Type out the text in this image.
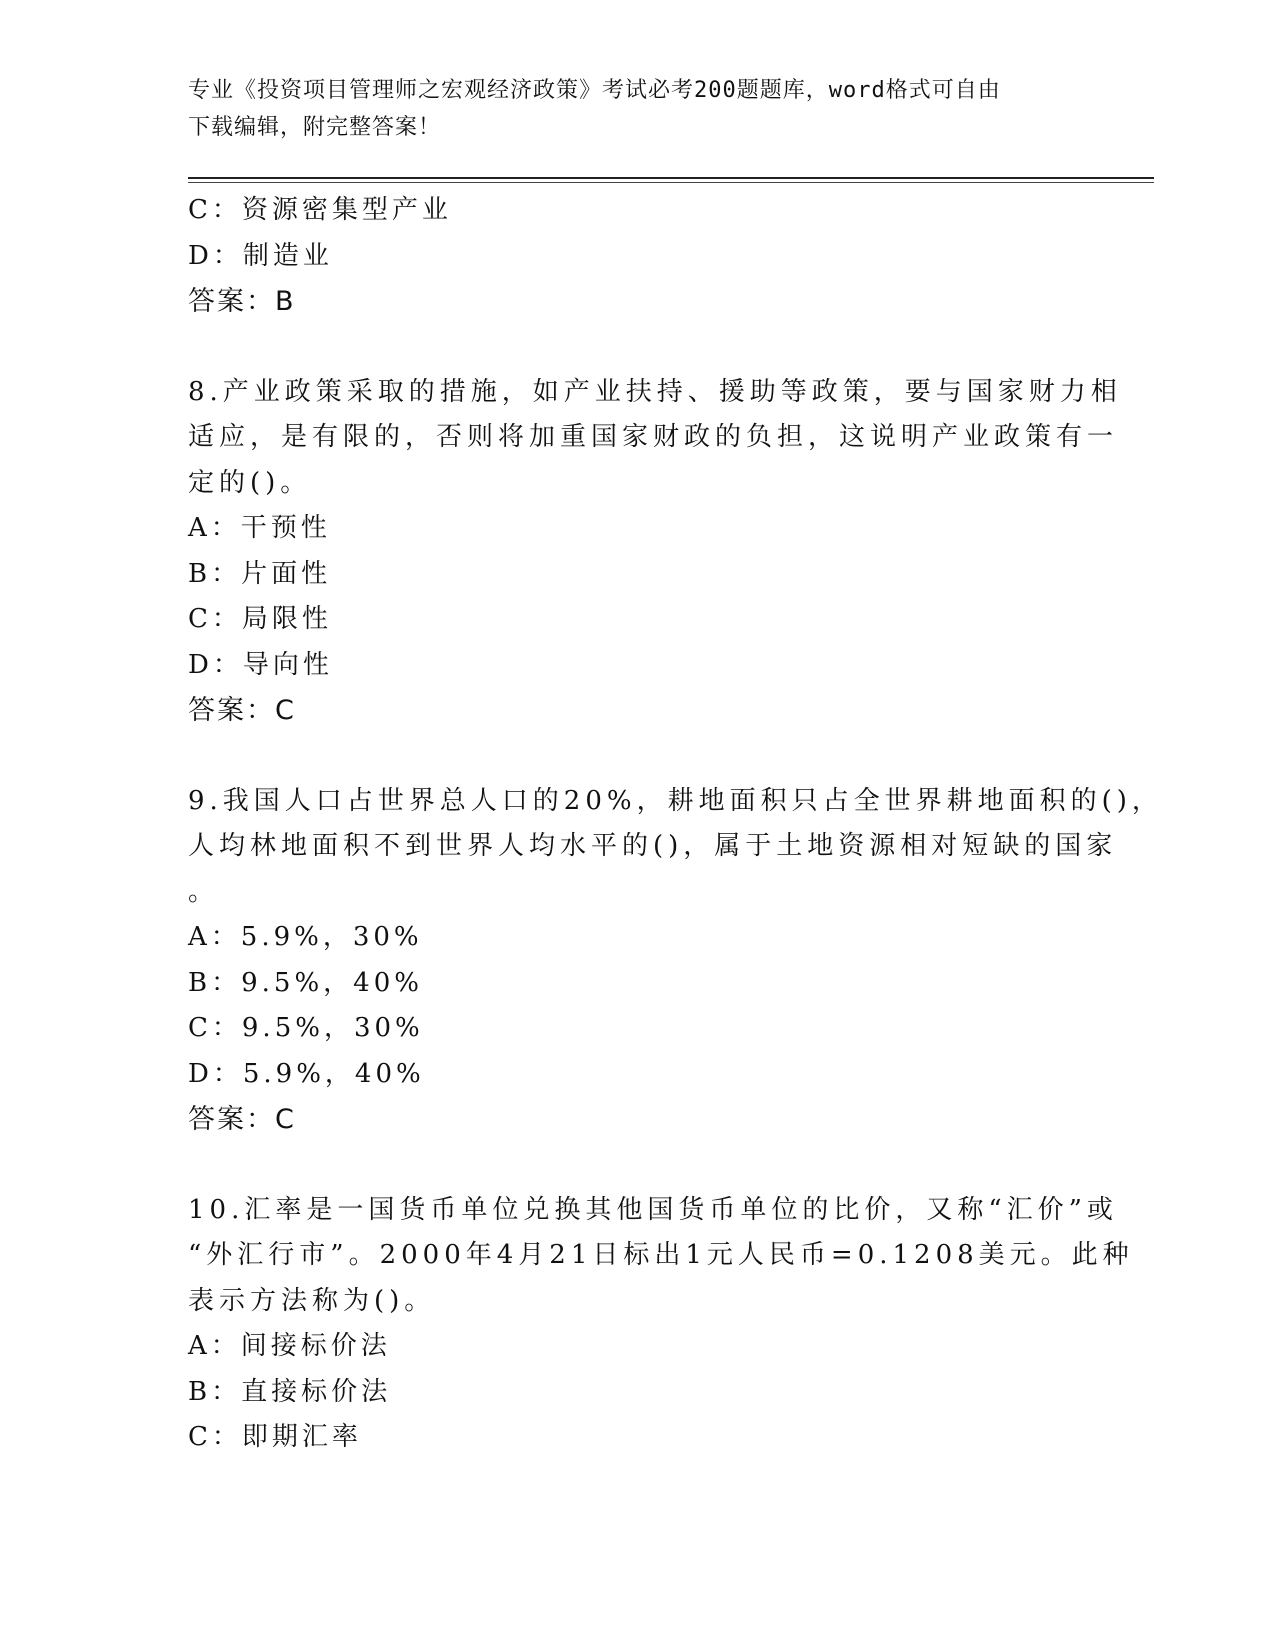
专业《投资项目管理师之宏观经济政策》考试必考200题题库，word格式可自由
下载编辑，附完整答案！
C：资源密集型产业
D：制造业
答案：B
8.产业政策采取的措施，如产业扶持、援助等政策，要与国家财力相
适应，是有限的，否则将加重国家财政的负担，这说明产业政策有一
定的()。
A：干预性
B：片面性
C：局限性
D：导向性
答案：C
9.我国人口占世界总人口的20%，耕地面积只占全世界耕地面积的()，
人均林地面积不到世界人均水平的()，属于土地资源相对短缺的国家
。
A：5.9%，30%
B：9.5%，40%
C：9.5%，30%
D：5.9%，40%
答案：C
10.汇率是一国货币单位兑换其他国货币单位的比价，又称“汇价”或
“外汇行市”。2000年4月21日标出1元人民币=0.1208美元。此种
表示方法称为()。
A：间接标价法
B：直接标价法
C：即期汇率
